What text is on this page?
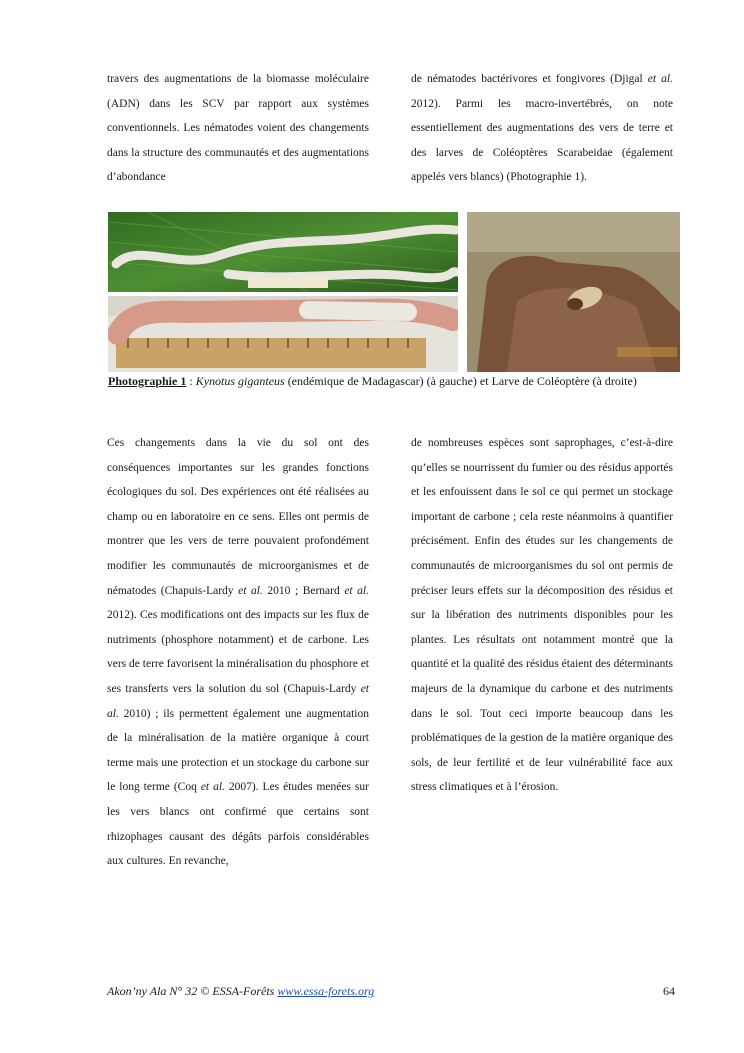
travers des augmentations de la biomasse moléculaire (ADN) dans les SCV par rapport aux systèmes conventionnels. Les nématodes voient des changements dans la structure des communautés et des augmentations d’abondance

de nématodes bactérivores et fongivores (Djigal et al. 2012). Parmi les macro-invertébrés, on note essentiellement des augmentations des vers de terre et des larves de Coléoptères Scarabeidae (également appelés vers blancs) (Photographie 1).

Photographie 1 : Kynotus giganteus (endémique de Madagascar) (à gauche) et Larve de Coléoptère (à droite)

Ces changements dans la vie du sol ont des conséquences importantes sur les grandes fonctions écologiques du sol. Des expériences ont été réalisées au champ ou en laboratoire en ce sens. Elles ont permis de montrer que les vers de terre pouvaient profondément modifier les communautés de microorganismes et de nématodes (Chapuis-Lardy et al. 2010 ; Bernard et al. 2012). Ces modifications ont des impacts sur les flux de nutriments (phosphore notamment) et de carbone. Les vers de terre favorisent la minéralisation du phosphore et ses transferts vers la solution du sol (Chapuis-Lardy et al. 2010) ; ils permettent également une augmentation de la minéralisation de la matière organique à court terme mais une protection et un stockage du carbone sur le long terme (Coq et al. 2007). Les études menées sur les vers blancs ont confirmé que certains sont rhizophages causant des dégâts parfois considérables aux cultures. En revanche,

de nombreuses espèces sont saprophages, c’est-à-dire qu’elles se nourrissent du fumier ou des résidus apportés et les enfouissent dans le sol ce qui permet un stockage important de carbone ; cela reste néanmoins à quantifier précisément. Enfin des études sur les changements de communautés de microorganismes du sol ont permis de préciser leurs effets sur la décomposition des résidus et sur la libération des nutriments disponibles pour les plantes. Les résultats ont notamment montré que la quantité et la qualité des résidus étaient des déterminants majeurs de la dynamique du carbone et des nutriments dans le sol. Tout ceci importe beaucoup dans les problématiques de la gestion de la matière organique des sols, de leur fertilité et de leur vulnérabilité face aux stress climatiques et à l’érosion.

Akon’ny Ala N° 32 © ESSA-Forêts www.essa-forets.org	64
